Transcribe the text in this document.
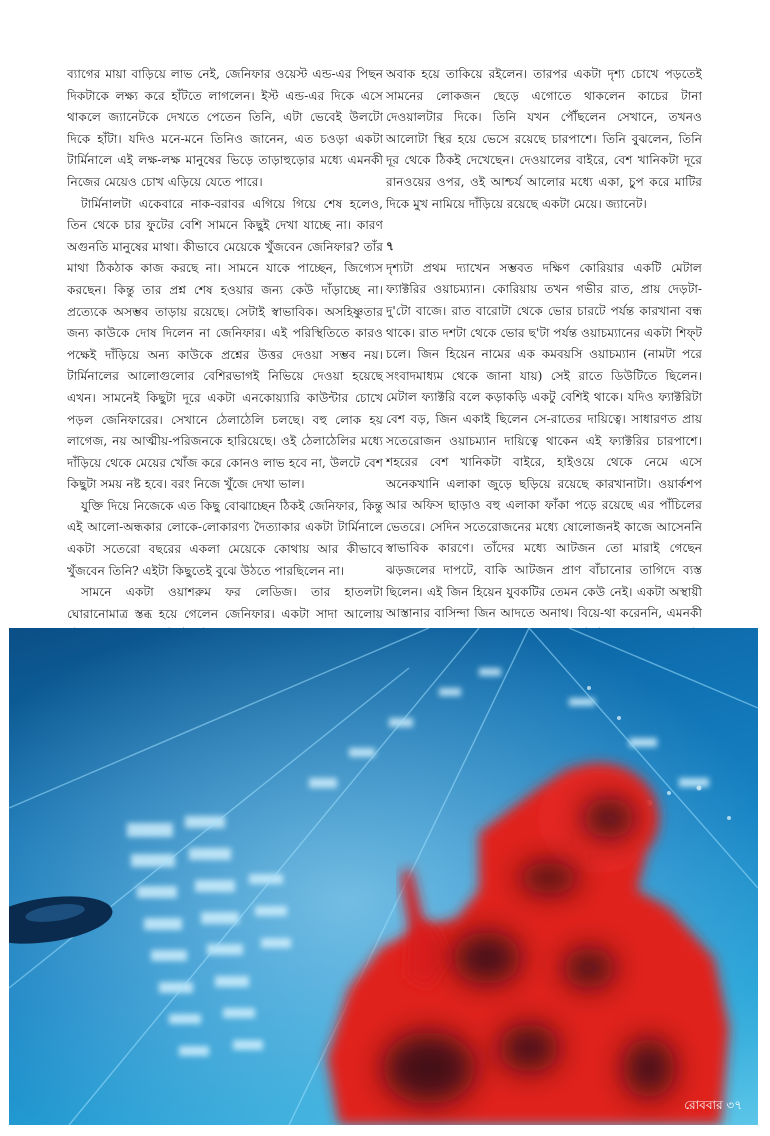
ব্যাগের মায়া বাড়িয়ে লাভ নেই, জেনিফার ওয়েস্ট এন্ড-এর পিছন দিকটাকে লক্ষ্য করে হাঁটতে লাগলেন। ইস্ট এন্ড-এর দিকে এসে থাকলে জ্যানেটকে দেখতে পেতেন তিনি, এটা ভেবেই উলটো দিকে হাঁটা। যদিও মনে-মনে তিনিও জানেন, এত চওড়া একটা টার্মিনালে এই লক্ষ-লক্ষ মানুষের ভিড়ে তাড়াহুড়োর মধ্যে এমনকী নিজের মেয়েও চোখ এড়িয়ে যেতে পারে।

টার্মিনালটা একেবারে নাক-বরাবর এগিয়ে গিয়ে শেষ হলেও, তিন থেকে চার ফুটের বেশি সামনে কিছুই দেখা যাচ্ছে না। কারণ অগুনতি মানুষের মাথা। কীভাবে মেয়েকে খুঁজবেন জেনিফার? তাঁর মাথা ঠিকঠাক কাজ করছে না। সামনে যাকে পাচ্ছেন, জিগ্যেস করছেন। কিন্তু তার প্রশ্ন শেষ হওয়ার জন্য কেউ দাঁড়াচ্ছে না। প্রত্যেকে অসম্ভব তাড়ায় রয়েছে। সেটাই স্বাভাবিক। অসহিষ্ণুতার জন্য কাউকে দোষ দিলেন না জেনিফার। এই পরিস্থিতিতে কারও পক্ষেই দাঁড়িয়ে অন্য কাউকে প্রশ্নের উত্তর দেওয়া সম্ভব নয়। টার্মিনালের আলোগুলোর বেশিরভাগই নিভিয়ে দেওয়া হয়েছে এখন। সামনেই কিছুটা দূরে একটা এনকোয়্যারি কাউন্টার চোখে পড়ল জেনিফারের। সেখানে ঠেলাঠেলি চলছে। বহু লোক হয় লাগেজ, নয় আত্মীয়-পরিজনকে হারিয়েছে। ওই ঠেলাঠেলির মধ্যে দাঁড়িয়ে থেকে মেয়ের খোঁজ করে কোনও লাভ হবে না, উলটে বেশ কিছুটা সময় নষ্ট হবে। বরং নিজে খুঁজে দেখা ভাল।

যুক্তি দিয়ে নিজেকে এত কিছু বোঝাচ্ছেন ঠিকই জেনিফার, কিন্তু এই আলো-অন্ধকার লোকে-লোকারণ্য দৈত্যাকার একটা টার্মিনালে একটা সতেরো বছরের একলা মেয়েকে কোথায় আর কীভাবে খুঁজবেন তিনি? এইটা কিছুতেই বুঝে উঠতে পারছিলেন না।

সামনে একটা ওয়াশরুম ফর লেডিজ। তার হাতলটা ঘোরানোমাত্র স্তব্ধ হয়ে গেলেন জেনিফার। একটা সাদা আলোয়

অবাক হয়ে তাকিয়ে রইলেন। তারপর একটা দৃশ্য চোখে পড়তেই সামনের লোকজন ছেড়ে এগোতে থাকলেন কাচের টানা দেওয়ালটার দিকে। তিনি যখন পৌঁছলেন সেখানে, তখনও আলোটা স্থির হয়ে ভেসে রয়েছে চারপাশে। তিনি বুঝলেন, তিনি দূর থেকে ঠিকই দেখেছেন। দেওয়ালের বাইরে, বেশ খানিকটা দূরে রানওয়ের ওপর, ওই আশ্চর্য আলোর মধ্যে একা, চুপ করে মাটির দিকে মুখ নামিয়ে দাঁড়িয়ে রয়েছে একটা মেয়ে। জ্যানেট।

৭

দৃশ্যটা প্রথম দ্যাখেন সম্ভবত দক্ষিণ কোরিয়ার একটি মেটাল ফ্যাক্টরির ওয়াচম্যান। কোরিয়ায় তখন গভীর রাত, প্রায় দেড়টা-দু'টো বাজে। রাত বারোটা থেকে ভোর চারটে পর্যন্ত কারখানা বন্ধ থাকে। রাত দশটা থেকে ভোর ছ'টা পর্যন্ত ওয়াচম্যানের একটা শিফ্‌ট চলে। জিন হিয়েন নামের এক কমবয়সি ওয়াচম্যান (নামটা পরে সংবাদমাধ্যম থেকে জানা যায়) সেই রাতে ডিউটিতে ছিলেন। মেটাল ফ্যাক্টরি বলে কড়াকড়ি একটু বেশিই থাকে। যদিও ফ্যাক্টরিটা বেশ বড়, জিন একাই ছিলেন সে-রাতের দায়িত্বে। সাধারণত প্রায় সতেরোজন ওয়াচম্যান দায়িত্বে থাকেন এই ফ্যাক্টরির চারপাশে। শহরের বেশ খানিকটা বাইরে, হাইওয়ে থেকে নেমে এসে অনেকখানি এলাকা জুড়ে ছড়িয়ে রয়েছে কারখানাটা। ওয়ার্কশপ আর অফিস ছাড়াও বহু এলাকা ফাঁকা পড়ে রয়েছে এর পাঁচিলের ভেতরে। সেদিন সতেরোজনের মধ্যে ষোলোজনই কাজে আসেননি স্বাভাবিক কারণে। তাঁদের মধ্যে আটজন তো মারাই গেছেন ঝড়জলের দাপটে, বাকি আটজন প্রাণ বাঁচানোর তাগিদে ব্যস্ত ছিলেন। এই জিন হিয়েন যুবকটির তেমন কেউ নেই। একটা অস্থায়ী আস্তানার বাসিন্দা জিন আদতে অনাথ। বিয়ে-থা করেননি, এমনকী

রোববার ৩৭
